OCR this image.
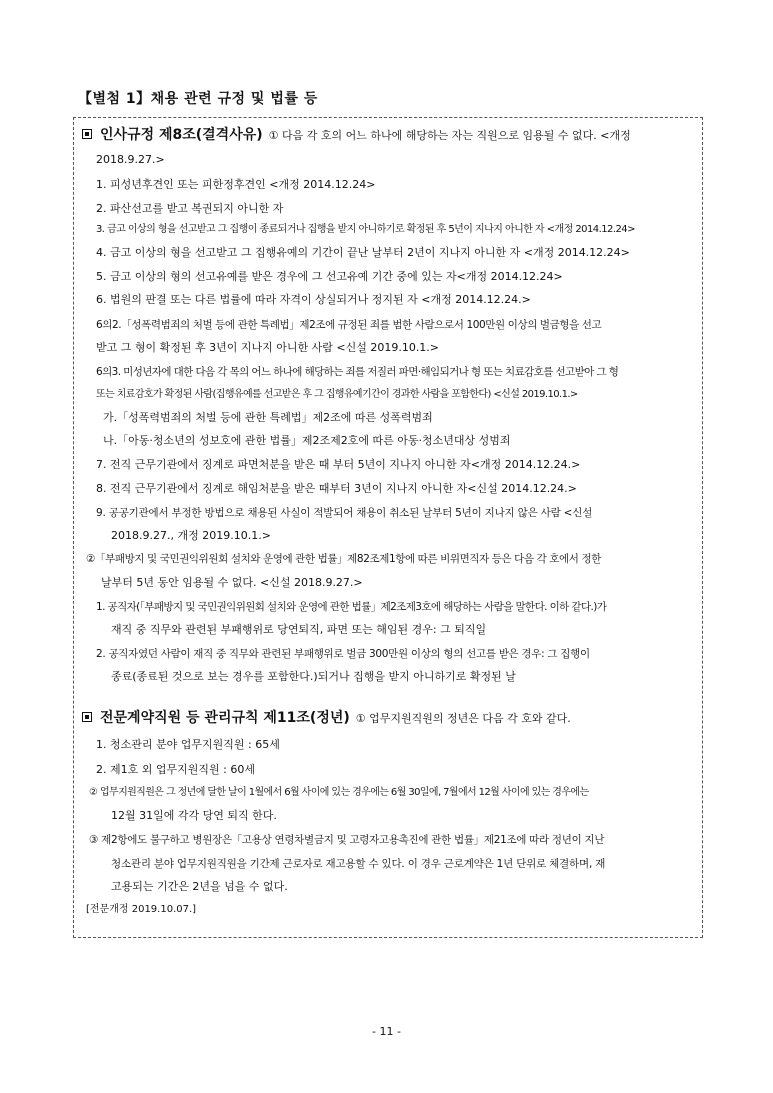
【별첨 1】채용 관련 규정 및 법률 등
인사규정 제8조(결격사유) ① 다음 각 호의 어느 하나에 해당하는 자는 직원으로 임용될 수 없다. <개정
2018.9.27.>
1. 피성년후견인 또는 피한정후견인 <개정 2014.12.24>
2. 파산선고를 받고 복권되지 아니한 자
3. 금고 이상의 형을 선고받고 그 집행이 종료되거나 집행을 받지 아니하기로 확정된 후 5년이 지나지 아니한 자 <개정 2014.12.24>
4. 금고 이상의 형을 선고받고 그 집행유예의 기간이 끝난 날부터 2년이 지나지 아니한 자 <개정 2014.12.24>
5. 금고 이상의 형의 선고유예를 받은 경우에 그 선고유예 기간 중에 있는 자<개정 2014.12.24>
6. 법원의 판결 또는 다른 법률에 따라 자격이 상실되거나 정지된 자 <개정 2014.12.24.>
6의2.「성폭력범죄의 처벌 등에 관한 특례법」제2조에 규정된 죄를 범한 사람으로서 100만원 이상의 벌금형을 선고
받고 그 형이 확정된 후 3년이 지나지 아니한 사람 <신설 2019.10.1.>
6의3. 미성년자에 대한 다음 각 목의 어느 하나에 해당하는 죄를 저질러 파면·해임되거나 형 또는 치료감호를 선고받아 그 형
또는 치료감호가 확정된 사람(집행유예를 선고받은 후 그 집행유예기간이 경과한 사람을 포함한다) <신설 2019.10.1.>
가.「성폭력범죄의 처벌 등에 관한 특례법」제2조에 따른 성폭력범죄
나.「아동·청소년의 성보호에 관한 법률」제2조제2호에 따른 아동·청소년대상 성범죄
7. 전직 근무기관에서 징계로 파면처분을 받은 때 부터 5년이 지나지 아니한 자<개정 2014.12.24.>
8. 전직 근무기관에서 징계로 해임처분을 받은 때부터 3년이 지나지 아니한 자<신설 2014.12.24.>
9. 공공기관에서 부정한 방법으로 채용된 사실이 적발되어 채용이 취소된 날부터 5년이 지나지 않은 사람 <신설
2018.9.27., 개정 2019.10.1.>
②「부패방지 및 국민권익위원회 설치와 운영에 관한 법률」제82조제1항에 따른 비위면직자 등은 다음 각 호에서 정한
날부터 5년 동안 임용될 수 없다. <신설 2018.9.27.>
1. 공직자(「부패방지 및 국민권익위원회 설치와 운영에 관한 법률」제2조제3호에 해당하는 사람을 말한다. 이하 같다.)가
재직 중 직무와 관련된 부패행위로 당연퇴직, 파면 또는 해임된 경우: 그 퇴직일
2. 공직자였던 사람이 재직 중 직무와 관련된 부패행위로 벌금 300만원 이상의 형의 선고를 받은 경우: 그 집행이
종료(종료된 것으로 보는 경우를 포함한다.)되거나 집행을 받지 아니하기로 확정된 날
전문계약직원 등 관리규칙 제11조(정년) ① 업무지원직원의 정년은 다음 각 호와 같다.
1. 청소관리 분야 업무지원직원 : 65세
2. 제1호 외 업무지원직원 : 60세
② 업무지원직원은 그 정년에 달한 날이 1월에서 6월 사이에 있는 경우에는 6월 30일에, 7월에서 12월 사이에 있는 경우에는
12월 31일에 각각 당연 퇴직 한다.
③ 제2항에도 불구하고 병원장은「고용상 연령차별금지 및 고령자고용촉진에 관한 법률」제21조에 따라 정년이 지난
청소관리 분야 업무지원직원을 기간제 근로자로 재고용할 수 있다. 이 경우 근로계약은 1년 단위로 체결하며, 재
고용되는 기간은 2년을 넘을 수 없다.
[전문개정 2019.10.07.]
- 11 -
